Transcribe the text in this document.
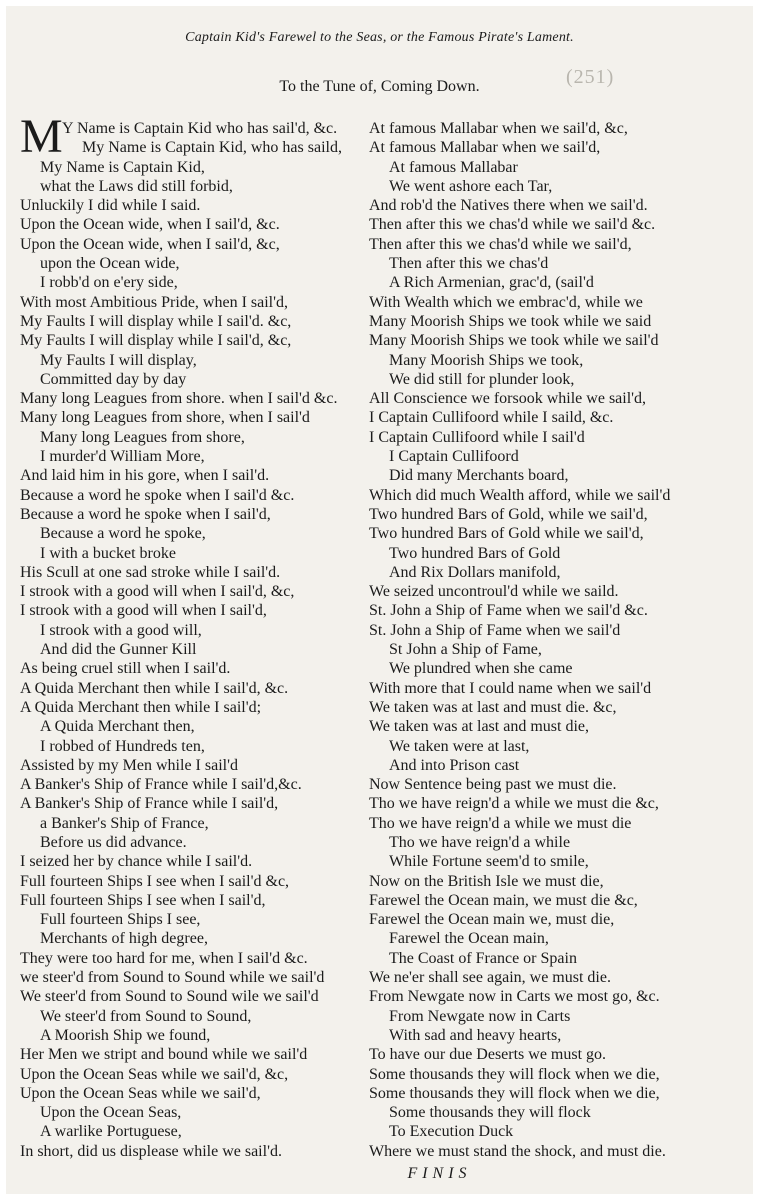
Captain Kid's Farewel to the Seas, or the Famous Pirate's Lament.
(251)
To the Tune of, Coming Down.
M Y Name is Captain Kid who has sail'd, &c.
My Name is Captain Kid, who has saild,
My Name is Captain Kid,
what the Laws did still forbid,
Unluckily I did while I said.
Upon the Ocean wide, when I sail'd, &c.
Upon the Ocean wide, when I sail'd, &c,
upon the Ocean wide,
I robb'd on e'ery side,
With most Ambitious Pride, when I sail'd,
My Faults I will display while I sail'd. &c,
My Faults I will display while I sail'd, &c,
My Faults I will display,
Committed day by day
Many long Leagues from shore. when I sail'd &c.
Many long Leagues from shore, when I sail'd
Many long Leagues from shore,
I murder'd William More,
And laid him in his gore, when I sail'd.
Because a word he spoke when I sail'd &c.
Because a word he spoke when I sail'd,
Because a word he spoke,
I with a bucket broke
His Scull at one sad stroke while I sail'd.
I strook with a good will when I sail'd, &c,
I strook with a good will when I sail'd,
I strook with a good will,
And did the Gunner Kill
As being cruel still when I sail'd.
A Quida Merchant then while I sail'd, &c.
A Quida Merchant then while I sail'd;
A Quida Merchant then,
I robbed of Hundreds ten,
Assisted by my Men while I sail'd
A Banker's Ship of France while I sail'd,&c.
A Banker's Ship of France while I sail'd,
a Banker's Ship of France,
Before us did advance.
I seized her by chance while I sail'd.
Full fourteen Ships I see when I sail'd &c,
Full fourteen Ships I see when I sail'd,
Full fourteen Ships I see,
Merchants of high degree,
They were too hard for me, when I sail'd &c.
we steer'd from Sound to Sound while we sail'd
We steer'd from Sound to Sound wile we sail'd
We steer'd from Sound to Sound,
A Moorish Ship we found,
Her Men we stript and bound while we sail'd
Upon the Ocean Seas while we sail'd, &c,
Upon the Ocean Seas while we sail'd,
Upon the Ocean Seas,
A warlike Portuguese,
In short, did us displease while we sail'd.
At famous Mallabar when we sail'd, &c,
At famous Mallabar when we sail'd,
At famous Mallabar
We went ashore each Tar,
And rob'd the Natives there when we sail'd.
Then after this we chas'd while we sail'd &c.
Then after this we chas'd while we sail'd,
Then after this we chas'd
A Rich Armenian, grac'd, (sail'd
With Wealth which we embrac'd, while we
Many Moorish Ships we took while we said
Many Moorish Ships we took while we sail'd
Many Moorish Ships we took,
We did still for plunder look,
All Conscience we forsook while we sail'd,
I Captain Cullifoord while I saild, &c.
I Captain Cullifoord while I sail'd
I Captain Cullifoord
Did many Merchants board,
Which did much Wealth afford, while we sail'd
Two hundred Bars of Gold, while we sail'd,
Two hundred Bars of Gold while we sail'd,
Two hundred Bars of Gold
And Rix Dollars manifold,
We seized uncontroul'd while we saild.
St. John a Ship of Fame when we sail'd &c.
St. John a Ship of Fame when we sail'd
St John a Ship of Fame,
We plundred when she came
With more that I could name when we sail'd
We taken was at last and must die. &c,
We taken was at last and must die,
We taken were at last,
And into Prison cast
Now Sentence being past we must die.
Tho we have reign'd a while we must die &c,
Tho we have reign'd a while we must die
Tho we have reign'd a while
While Fortune seem'd to smile,
Now on the British Isle we must die,
Farewel the Ocean main, we must die &c,
Farewel the Ocean main we, must die,
Farewel the Ocean main,
The Coast of France or Spain
We ne'er shall see again, we must die.
From Newgate now in Carts we most go, &c.
From Newgate now in Carts
With sad and heavy hearts,
To have our due Deserts we must go.
Some thousands they will flock when we die,
Some thousands they will flock when we die,
Some thousands they will flock
To Execution Duck
Where we must stand the shock, and must die.
FINIS
